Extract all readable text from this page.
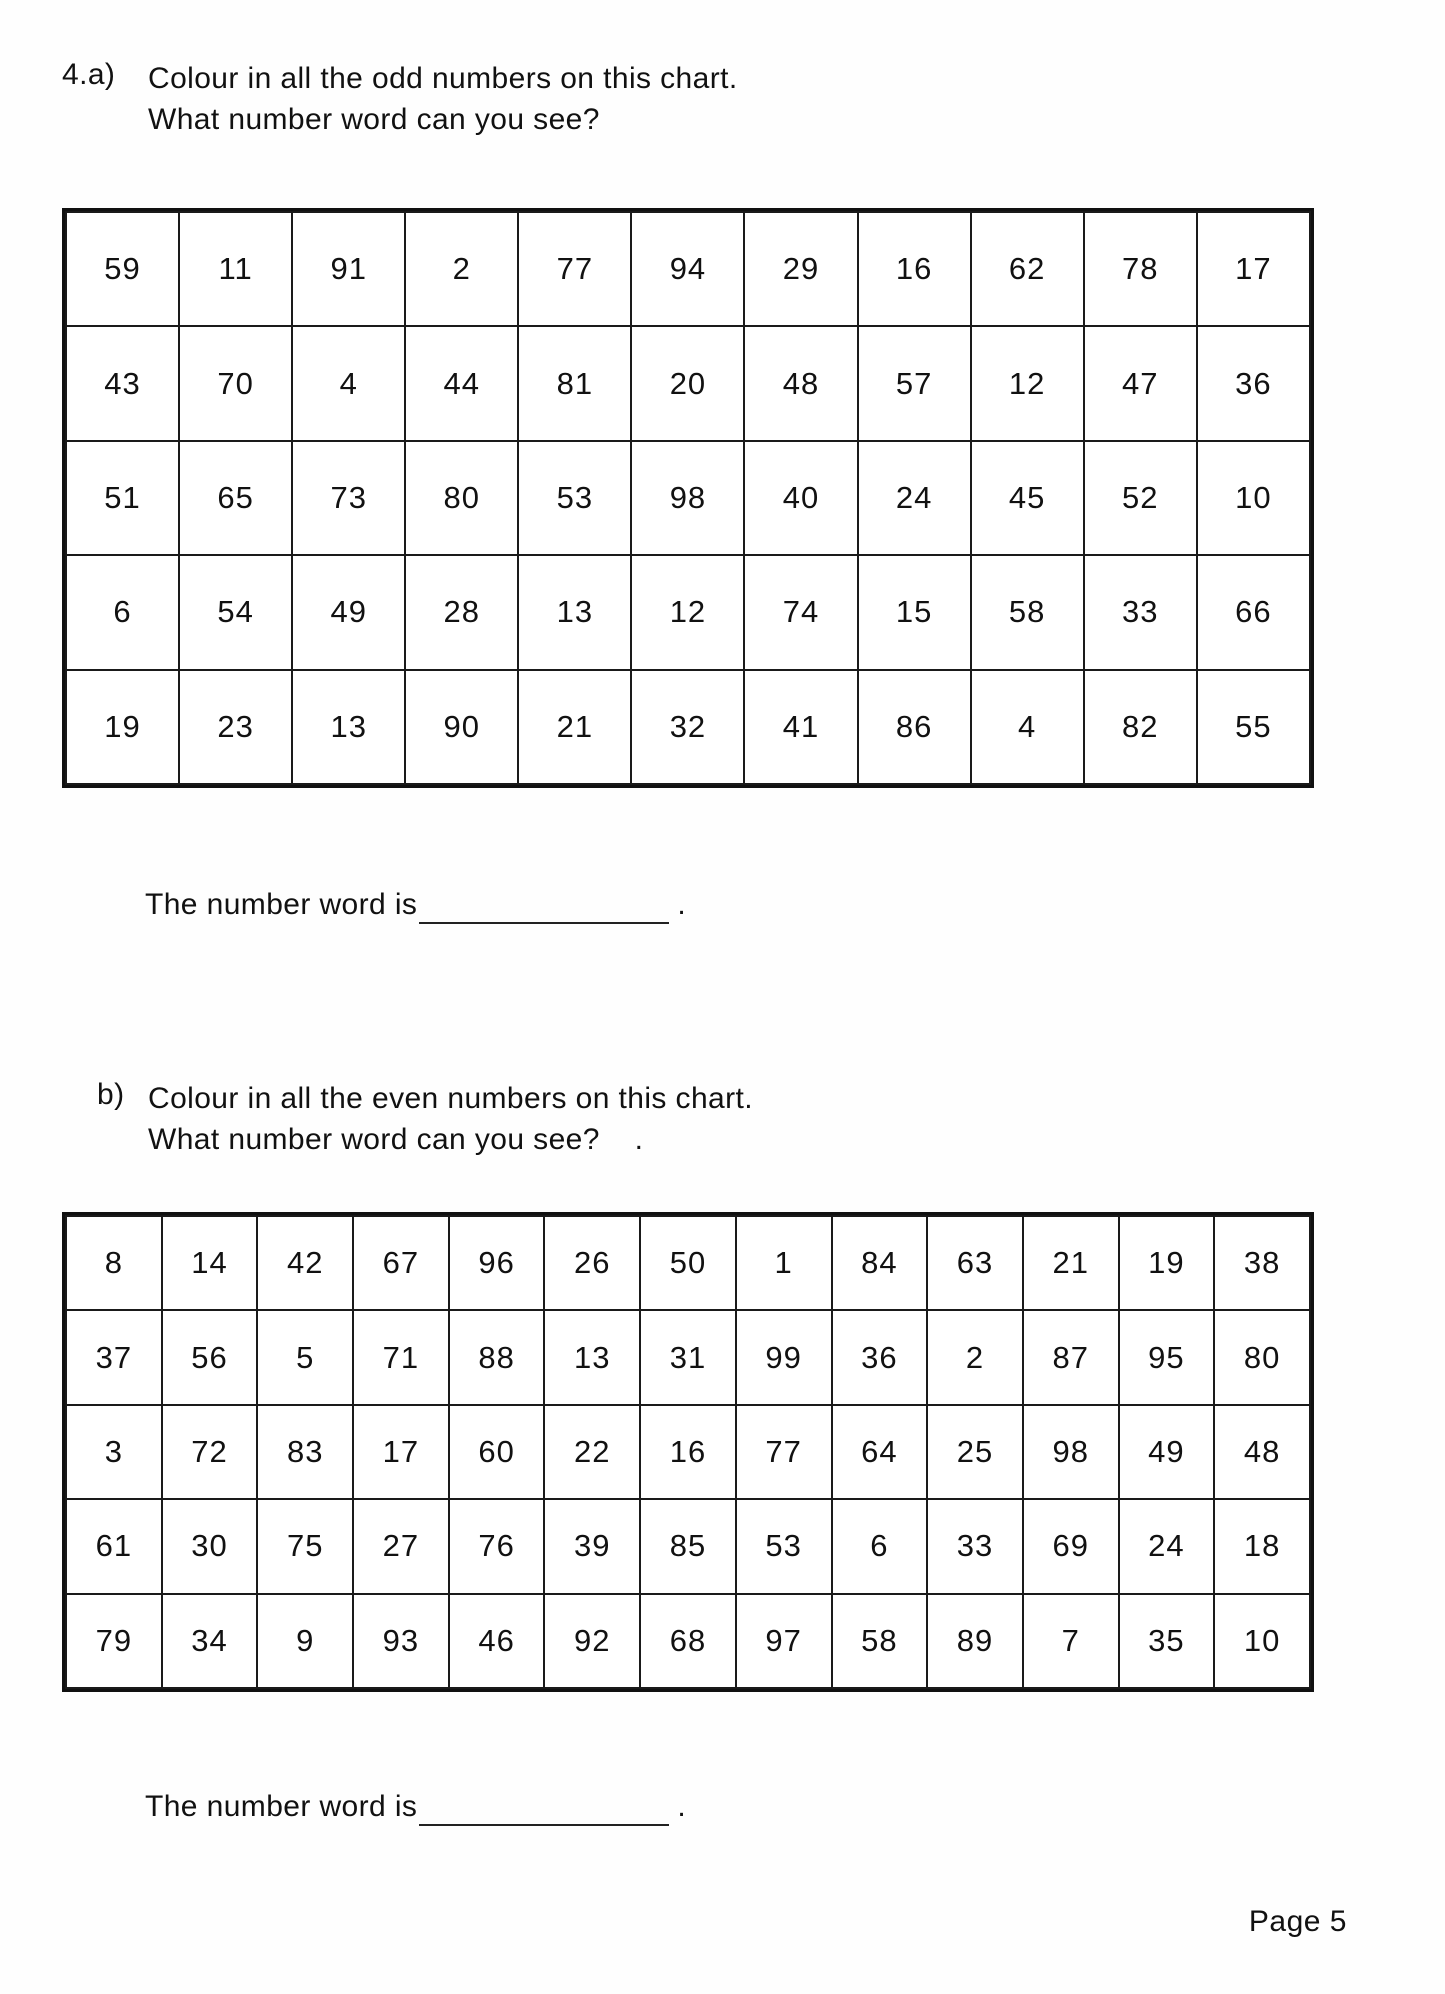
4.a) Colour in all the odd numbers on this chart.
What number word can you see?
59	11	91	2	77	94	29	16	62	78	17
43	70	4	44	81	20	48	57	12	47	36
51	65	73	80	53	98	40	24	45	52	10
6	54	49	28	13	12	74	15	58	33	66
19	23	13	90	21	32	41	86	4	82	55
The number word is	.
b) Colour in all the even numbers on this chart.
What number word can you see? .
8	14	42	67	96	26	50	1	84	63	21	19	38
37	56	5	71	88	13	31	99	36	2	87	95	80
3	72	83	17	60	22	16	77	64	25	98	49	48
61	30	75	27	76	39	85	53	6	33	69	24	18
79	34	9	93	46	92	68	97	58	89	7	35	10
The number word is	.
Page 5
